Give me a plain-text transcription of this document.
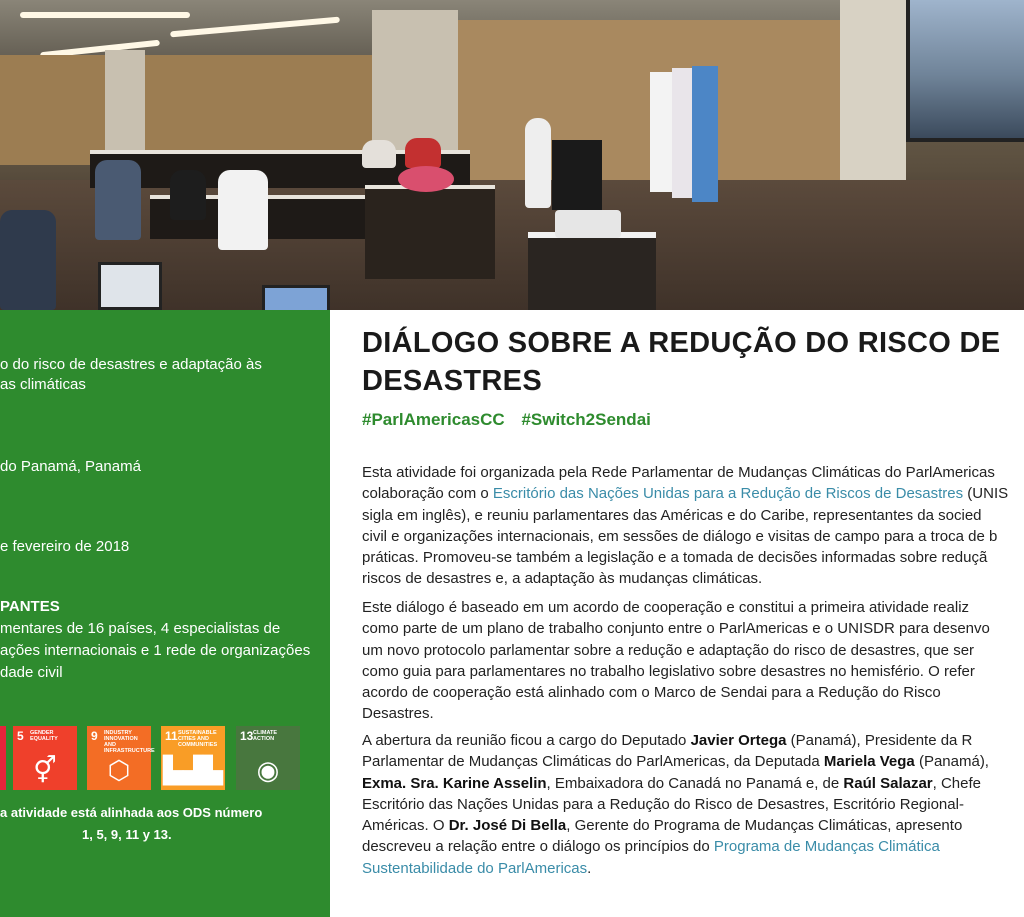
o do risco de desastres e adaptação às
as climáticas
do Panamá, Panamá
e fevereiro de 2018
PANTES
mentares de 16 países, 4 especialistas de
ações internacionais e 1 rede de organizações
dade civil
5 GENDER EQUALITY
⚥
9 INDUSTRY INNOVATION AND INFRASTRUCTURE
⬡
11 SUSTAINABLE CITIES AND COMMUNITIES
▙▟▙
13 CLIMATE ACTION
◉
a atividade está alinhada aos ODS número
1, 5, 9, 11 y 13.
DIÁLOGO SOBRE A REDUÇÃO DO RISCO DE
DESASTRES
#ParlAmericasCC #Switch2Sendai
Esta atividade foi organizada pela Rede Parlamentar de Mudanças Climáticas do ParlAmericas
colaboração com o Escritório das Nações Unidas para a Redução de Riscos de Desastres (UNIS
sigla em inglês), e reuniu parlamentares das Américas e do Caribe, representantes da socied
civil e organizações internacionais, em sessões de diálogo e visitas de campo para a troca de b
práticas. Promoveu-se também a legislação e a tomada de decisões informadas sobre reduçã
riscos de desastres e, a adaptação às mudanças climáticas.
Este diálogo é baseado em um acordo de cooperação e constitui a primeira atividade realiz
como parte de um plano de trabalho conjunto entre o ParlAmericas e o UNISDR para desenvo
um novo protocolo parlamentar sobre a redução e adaptação do risco de desastres, que ser
como guia para parlamentares no trabalho legislativo sobre desastres no hemisfério. O refer
acordo de cooperação está alinhado com o Marco de Sendai para a Redução do Risco
Desastres.
A abertura da reunião ficou a cargo do Deputado Javier Ortega (Panamá), Presidente da R
Parlamentar de Mudanças Climáticas do ParlAmericas, da Deputada Mariela Vega (Panamá),
Exma. Sra. Karine Asselin, Embaixadora do Canadá no Panamá e, de Raúl Salazar, Chefe
Escritório das Nações Unidas para a Redução do Risco de Desastres, Escritório Regional-
Américas. O Dr. José Di Bella, Gerente do Programa de Mudanças Climáticas, apresento
descreveu a relação entre o diálogo os princípios do Programa de Mudanças Climática
Sustentabilidade do ParlAmericas.
